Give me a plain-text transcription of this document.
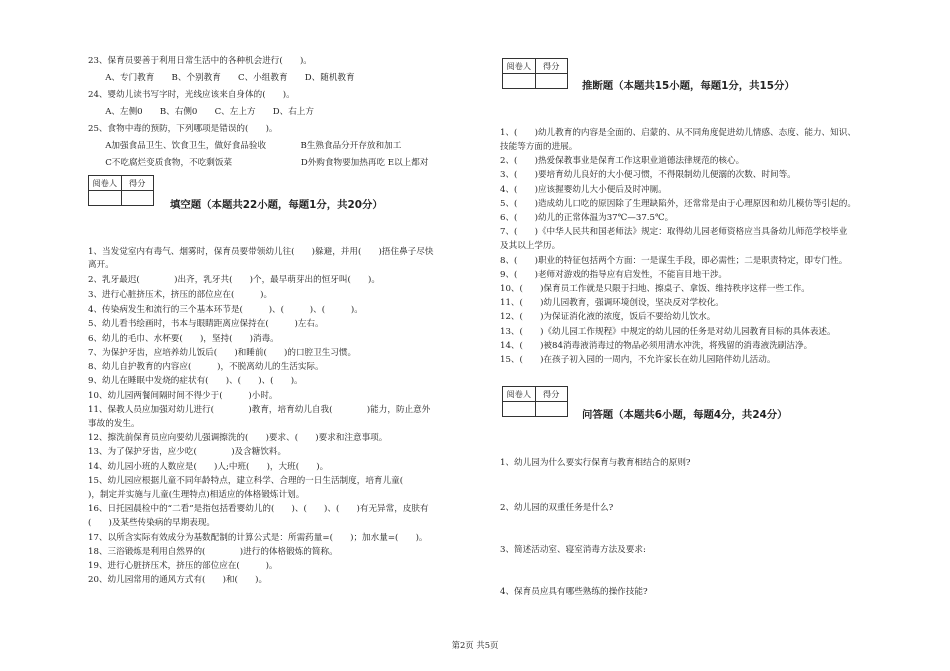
23、保育员要善于利用日常生活中的各种机会进行(　　)。
　　A、专门教育　　B、个别教育　　C、小组教育　　D、随机教育
24、婴幼儿读书写字时，光线应该来自身体的(　　)。
　　A、左侧0　　B、右侧0　　C、左上方　　D、右上方
25、食物中毒的预防，下列哪项是错误的(　　)。
　　A加强食品卫生、饮食卫生，做好食品验收　　　　B生熟食品分开存放和加工
　　C不吃腐烂变质食物，不吃剩饭菜　　　　　　　　D外购食物要加热再吃 E以上都对
阅卷人	得分
填空题（本题共22小题，每题1分，共20分）
1、当发觉室内有毒气、烟雾时，保育员要带领幼儿往(　　)躲避，并用(　　)捂住鼻子尽快
离开。
2、乳牙最迟(　　　　)出齐，乳牙共(　　)个，最早萌芽出的恒牙叫(　　)。
3、进行心脏挤压术，挤压的部位应在(　　　)。
4、传染病发生和流行的三个基本环节是(　　　)、(　　　)、(　　　)。
5、幼儿看书绘画时，书本与眼睛距离应保持在(　　　)左右。
6、幼儿的毛巾、水杯要(　　)，坚持(　　)消毒。
7、为保护牙齿，应培养幼儿饭后(　　)和睡前(　　)的口腔卫生习惯。
8、幼儿自护教育的内容应(　　　)，不脱离幼儿的生活实际。
9、幼儿在睡眠中发烧的症状有(　　)、(　　)、(　　)。
10、幼儿园两餐间隔时间不得少于(　　　)小时。
11、保教人员应加强对幼儿进行(　　　　)教育，培育幼儿自我(　　　　)能力，防止意外
事故的发生。
12、擦洗前保育员应向要幼儿强调擦洗的(　　)要求、(　　)要求和注意事项。
13、为了保护牙齿，应少吃(　　　　)及含糖饮料。
14、幼儿园小班的人数应是(　　)人;中班(　　)，大班(　　)。
15、幼儿园应根据儿童不同年龄特点，建立科学、合理的一日生活制度，培育儿童(　　　
)，制定并实施与儿童(生理特点)相适应的体格锻炼计划。
16、日托园晨检中的“二看”是指包括看婴幼儿的(　　)、(　　)、(　　)有无异常，皮肤有
(　　)及某些传染病的早期表现。
17、以所含实际有效成分为基数配制的计算公式是：所需药量=(　　)；加水量=(　　)。
18、三浴锻炼是利用自然界的(　　　　)进行的体格锻炼的简称。
19、进行心脏挤压术，挤压的部位应在(　　　)。
20、幼儿园常用的通风方式有(　　)和(　　)。
阅卷人	得分
推断题（本题共15小题，每题1分，共15分）
1、(　　)幼儿教育的内容是全面的、启蒙的、从不同角度促进幼儿情感、态度、能力、知识、
技能等方面的进展。
2、(　　)热爱保教事业是保育工作这职业道德法律规范的核心。
3、(　　)要培育幼儿良好的大小便习惯，不得限制幼儿便溺的次数、时间等。
4、(　　)应该握婴幼儿大小便后及时冲厕。
5、(　　)造成幼儿口吃的原因除了生理缺陷外，还常常是由于心理原因和幼儿模仿等引起的。
6、(　　)幼儿的正常体温为37℃—37.5℃。
7、(　　)《中华人民共和国老师法》规定：取得幼儿园老师资格应当具备幼儿师范学校毕业
及其以上学历。
8、(　　)职业的特征包括两个方面：一是谋生手段，即必需性；二是职责特定，即专门性。
9、(　　)老师对游戏的指导应有启发性，不能盲目地干涉。
10、(　　)保育员工作就是只限于扫地、擦桌子、拿饭、维持秩序这样一些工作。
11、(　　)幼儿园教育，强调环境创设，坚决反对学校化。
12、(　　)为保证消化液的浓度，饭后不要给幼儿饮水。
13、(　　)《幼儿园工作规程》中规定的幼儿园的任务是对幼儿园教育目标的具体表述。
14、(　　)被84消毒液消毒过的物品必须用清水冲洗，将残留的消毒液洗刷洁净。
15、(　　)在孩子初入园的一周内，不允许家长在幼儿园陪伴幼儿活动。
阅卷人	得分
问答题（本题共6小题，每题4分，共24分）
1、幼儿园为什么要实行保育与教育相结合的原则?
2、幼儿园的双重任务是什么?
3、简述活动室、寝室消毒方法及要求:
4、保育员应具有哪些熟练的操作技能?
第2页 共5页
